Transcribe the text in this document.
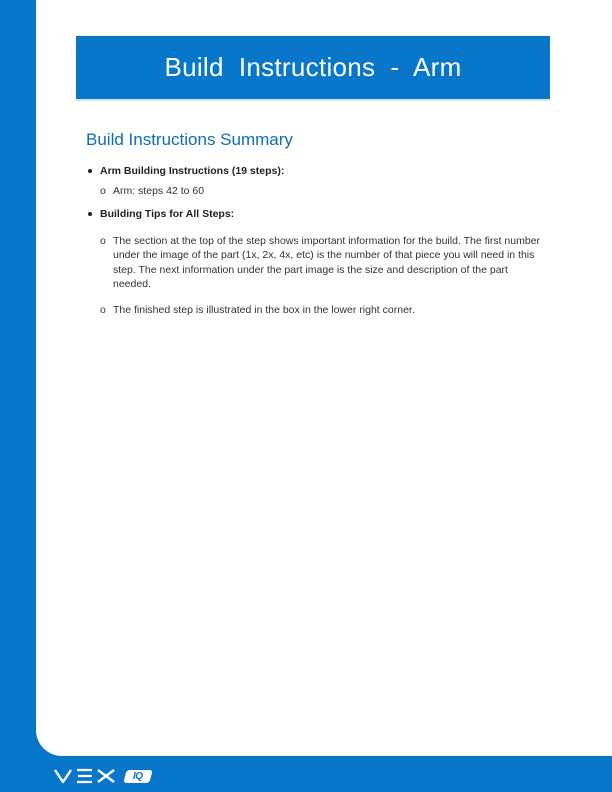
Build  Instructions  -  Arm
Build Instructions Summary
Arm Building Instructions (19 steps):
o Arm: steps 42 to 60
Building Tips for All Steps:
o The section at the top of the step shows important information for the build. The first number under the image of the part (1x, 2x, 4x, etc) is the number of that piece you will need in this step. The next information under the part image is the size and description of the part needed.
o The finished step is illustrated in the box in the lower right corner.
IQ
